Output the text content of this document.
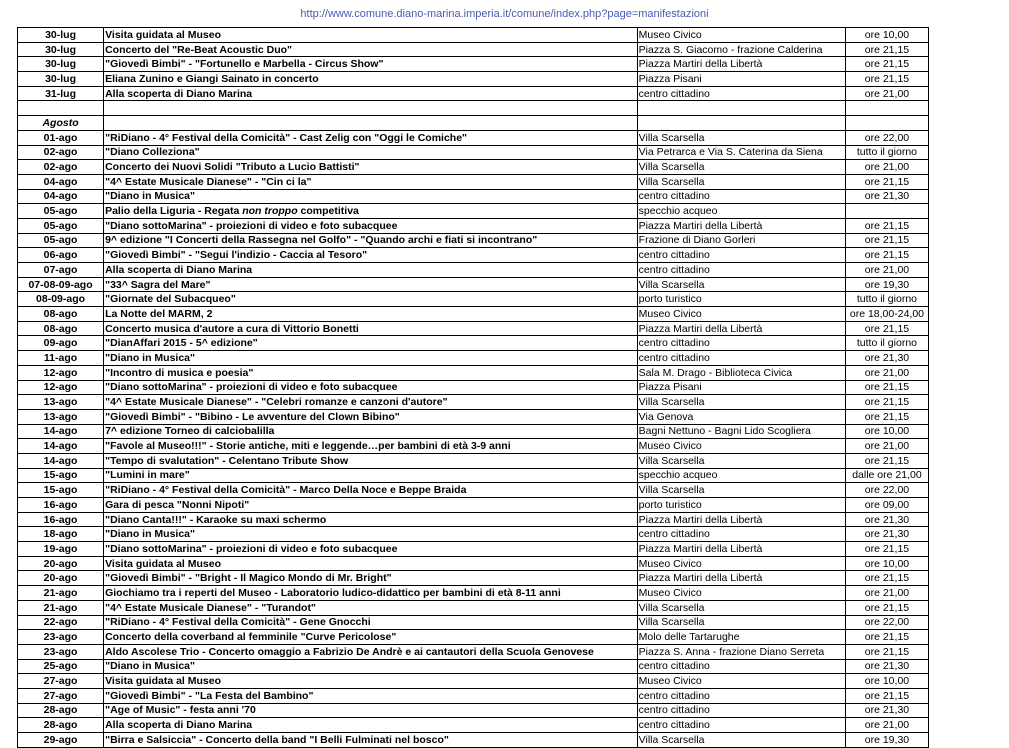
http://www.comune.diano-marina.imperia.it/comune/index.php?page=manifestazioni
30-lug	Visita guidata al Museo	Museo Civico	ore 10,00
30-lug	Concerto del "Re-Beat Acoustic Duo"	Piazza S. Giacomo - frazione Calderina	ore 21,15
30-lug	"Giovedì Bimbi" - "Fortunello e Marbella - Circus Show"	Piazza Martiri della Libertà	ore 21,15
30-lug	Eliana Zunino e Giangi Sainato in concerto	Piazza Pisani	ore 21,15
31-lug	Alla scoperta di Diano Marina	centro cittadino	ore 21,00

Agosto			
01-ago	"RiDiano - 4° Festival della Comicità" - Cast Zelig con "Oggi le Comiche"	Villa Scarsella	ore 22,00
02-ago	"Diano Colleziona"	Via Petrarca e Via S. Caterina da Siena	tutto il giorno
02-ago	Concerto dei Nuovi Solidi "Tributo a Lucio Battisti"	Villa Scarsella	ore 21,00
04-ago	"4^ Estate Musicale Dianese" - "Cin ci la"	Villa Scarsella	ore 21,15
04-ago	"Diano in Musica"	centro cittadino	ore 21,30
05-ago	Palio della Liguria - Regata non troppo competitiva	specchio acqueo	
05-ago	"Diano sottoMarina" - proiezioni di video e foto subacquee	Piazza Martiri della Libertà	ore 21,15
05-ago	9^ edizione "I Concerti della Rassegna nel Golfo" - "Quando archi e fiati si incontrano"	Frazione di Diano Gorleri	ore 21,15
06-ago	"Giovedì Bimbi" - "Segui l'indizio - Caccia al Tesoro"	centro cittadino	ore 21,15
07-ago	Alla scoperta di Diano Marina	centro cittadino	ore 21,00
07-08-09-ago	"33^ Sagra del Mare"	Villa Scarsella	ore 19,30
08-09-ago	"Giornate del Subacqueo"	porto turistico	tutto il giorno
08-ago	La Notte del MARM, 2	Museo Civico	ore 18,00-24,00
08-ago	Concerto musica d'autore a cura di Vittorio Bonetti	Piazza Martiri della Libertà	ore 21,15
09-ago	"DianAffari 2015 - 5^ edizione"	centro cittadino	tutto il giorno
11-ago	"Diano in Musica"	centro cittadino	ore 21,30
12-ago	"Incontro di musica e poesia"	Sala M. Drago - Biblioteca Civica	ore 21,00
12-ago	"Diano sottoMarina" - proiezioni di video e foto subacquee	Piazza Pisani	ore 21,15
13-ago	"4^ Estate Musicale Dianese" - "Celebri romanze e canzoni d'autore"	Villa Scarsella	ore 21,15
13-ago	"Giovedì Bimbi" - "Bibino - Le avventure del Clown Bibino"	Via Genova	ore 21,15
14-ago	7^ edizione Torneo di calciobalilla	Bagni Nettuno - Bagni Lido Scogliera	ore 10,00
14-ago	"Favole al Museo!!!" - Storie antiche, miti e leggende…per bambini di età 3-9 anni	Museo Civico	ore 21,00
14-ago	"Tempo di svalutation" - Celentano Tribute Show	Villa Scarsella	ore 21,15
15-ago	"Lumini in mare"	specchio acqueo	dalle ore 21,00
15-ago	"RiDiano - 4° Festival della Comicità" - Marco Della Noce e Beppe Braida	Villa Scarsella	ore 22,00
16-ago	Gara di pesca "Nonni Nipoti"	porto turistico	ore 09,00
16-ago	"Diano Canta!!!" - Karaoke su maxi schermo	Piazza Martiri della Libertà	ore 21,30
18-ago	"Diano in Musica"	centro cittadino	ore 21,30
19-ago	"Diano sottoMarina" - proiezioni di video e foto subacquee	Piazza Martiri della Libertà	ore 21,15
20-ago	Visita guidata al Museo	Museo Civico	ore 10,00
20-ago	"Giovedì Bimbi" - "Bright - Il Magico Mondo di Mr. Bright"	Piazza Martiri della Libertà	ore 21,15
21-ago	Giochiamo tra i reperti del Museo - Laboratorio ludico-didattico per bambini di età 8-11 anni	Museo Civico	ore 21,00
21-ago	"4^ Estate Musicale Dianese" - "Turandot"	Villa Scarsella	ore 21,15
22-ago	"RiDiano - 4° Festival della Comicità" - Gene Gnocchi	Villa Scarsella	ore 22,00
23-ago	Concerto della coverband al femminile "Curve Pericolose"	Molo delle Tartarughe	ore 21,15
23-ago	Aldo Ascolese Trio - Concerto omaggio a Fabrizio De Andrè e ai cantautori della Scuola Genovese	Piazza S. Anna - frazione Diano Serreta	ore 21,15
25-ago	"Diano in Musica"	centro cittadino	ore 21,30
27-ago	Visita guidata al Museo	Museo Civico	ore 10,00
27-ago	"Giovedì Bimbi" - "La Festa del Bambino"	centro cittadino	ore 21,15
28-ago	"Age of Music" - festa anni '70	centro cittadino	ore 21,30
28-ago	Alla scoperta di Diano Marina	centro cittadino	ore 21,00
29-ago	"Birra e Salsiccia" - Concerto della band "I Belli Fulminati nel bosco"	Villa Scarsella	ore 19,30
